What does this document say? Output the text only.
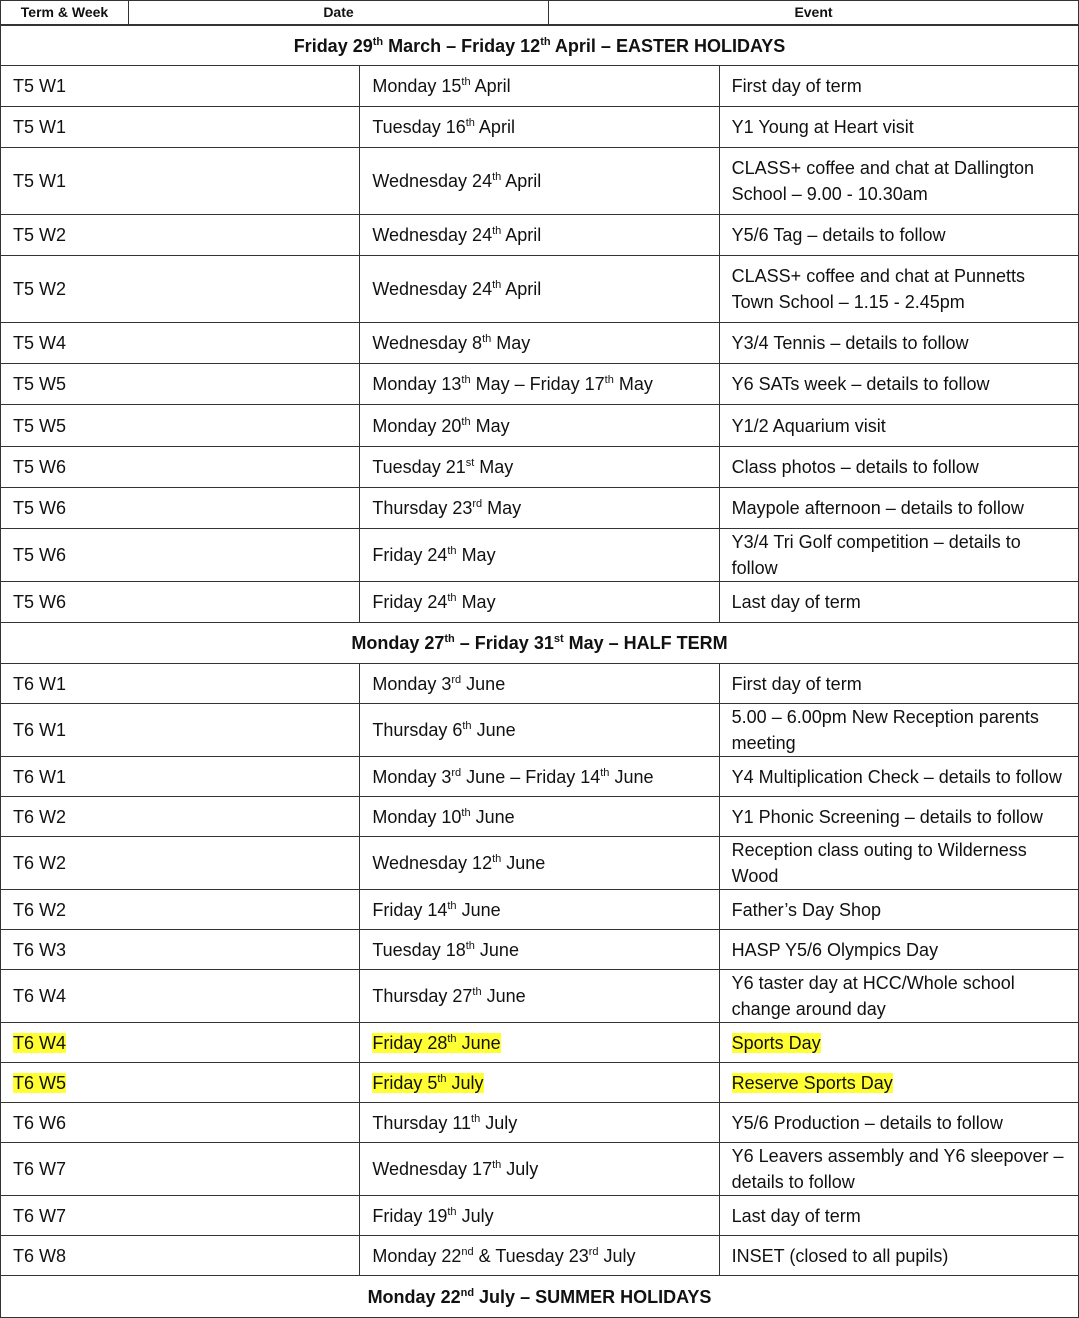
Term & Week	Date	Event
Friday 29th March – Friday 12th April – EASTER HOLIDAYS		
T5 W1	Monday 15th April	First day of term
T5 W1	Tuesday 16th April	Y1 Young at Heart visit
T5 W1	Wednesday 24th April	CLASS+ coffee and chat at Dallington School – 9.00 - 10.30am
T5 W2	Wednesday 24th April	Y5/6 Tag – details to follow
T5 W2	Wednesday 24th April	CLASS+ coffee and chat at Punnetts Town School – 1.15 - 2.45pm
T5 W4	Wednesday 8th May	Y3/4 Tennis – details to follow
T5 W5	Monday 13th May – Friday 17th May	Y6 SATs week – details to follow
T5 W5	Monday 20th May	Y1/2 Aquarium visit
T5 W6	Tuesday 21st May	Class photos – details to follow
T5 W6	Thursday 23rd May	Maypole afternoon – details to follow
T5 W6	Friday 24th May	Y3/4 Tri Golf competition – details to follow
T5 W6	Friday 24th May	Last day of term
Monday 27th – Friday 31st May – HALF TERM		
T6 W1	Monday 3rd June	First day of term
T6 W1	Thursday 6th June	5.00 – 6.00pm New Reception parents meeting
T6 W1	Monday 3rd June – Friday 14th June	Y4 Multiplication Check – details to follow
T6 W2	Monday 10th June	Y1 Phonic Screening – details to follow
T6 W2	Wednesday 12th June	Reception class outing to Wilderness Wood
T6 W2	Friday 14th June	Father’s Day Shop
T6 W3	Tuesday 18th June	HASP Y5/6 Olympics Day
T6 W4	Thursday 27th June	Y6 taster day at HCC/Whole school change around day
T6 W4	Friday 28th June	Sports Day
T6 W5	Friday 5th July	Reserve Sports Day
T6 W6	Thursday 11th July	Y5/6 Production – details to follow
T6 W7	Wednesday 17th July	Y6 Leavers assembly and Y6 sleepover – details to follow
T6 W7	Friday 19th July	Last day of term
T6 W8	Monday 22nd & Tuesday 23rd July	INSET (closed to all pupils)
Monday 22nd July – SUMMER HOLIDAYS		
